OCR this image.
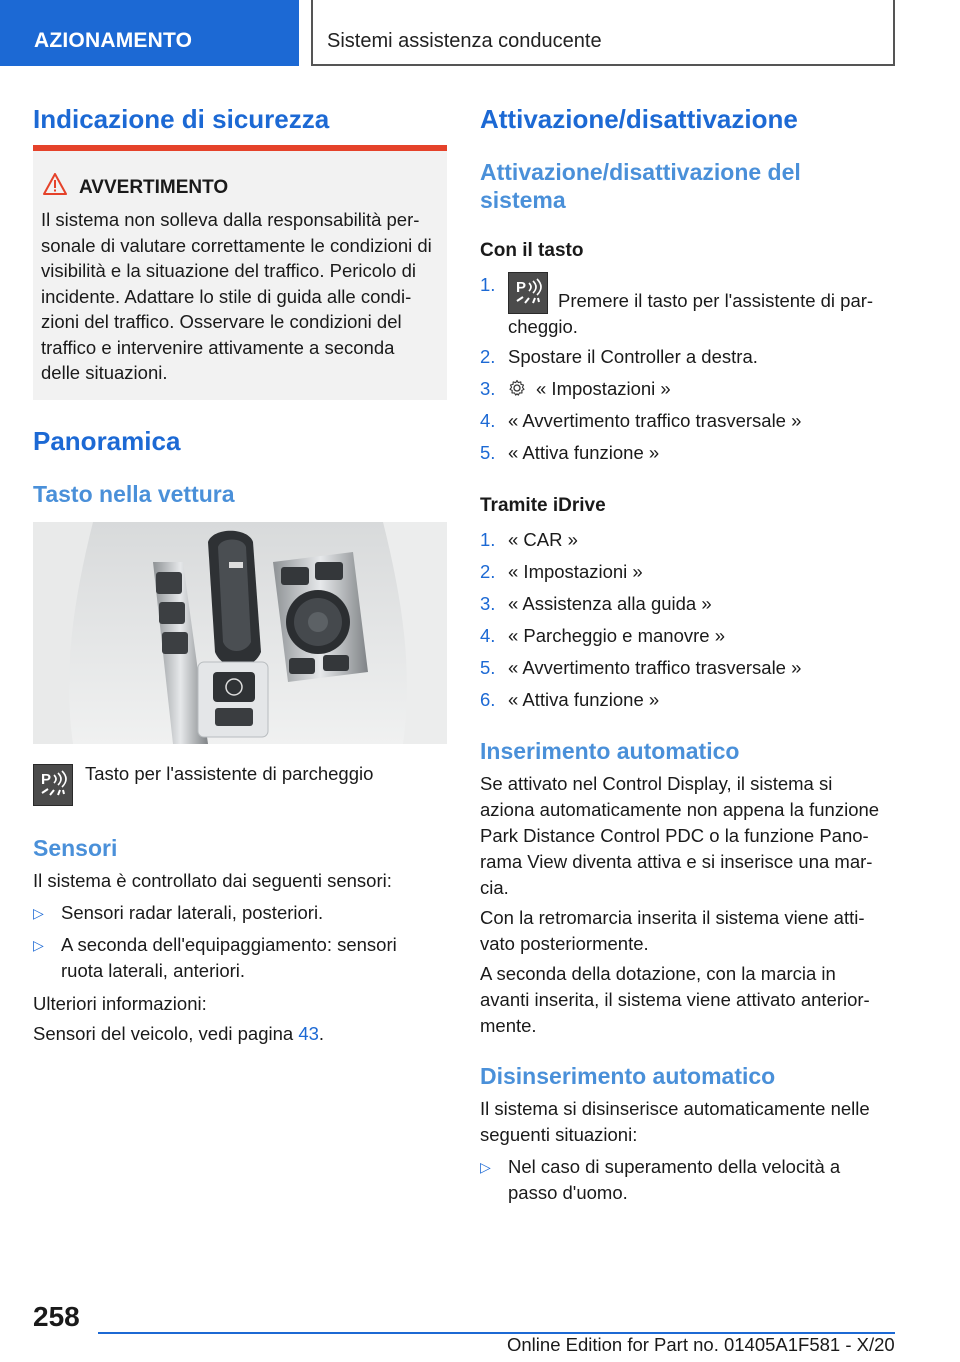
AZIONAMENTO	Sistemi assistenza conducente
Indicazione di sicurezza
AVVERTIMENTO
Il sistema non solleva dalla responsabilità per-
sonale di valutare correttamente le condizioni di
visibilità e la situazione del traffico. Pericolo di
incidente. Adattare lo stile di guida alle condi-
zioni del traffico. Osservare le condizioni del
traffico e intervenire attivamente a seconda
delle situazioni.
Panoramica
Tasto nella vettura
P Tasto per l'assistente di parcheggio
Sensori
Il sistema è controllato dai seguenti sensori:
▷ Sensori radar laterali, posteriori.
▷ A seconda dell'equipaggiamento: sensori
ruota laterali, anteriori.
Ulteriori informazioni:
Sensori del veicolo, vedi pagina 43.
Attivazione/disattivazione
Attivazione/disattivazione del
sistema
Con il tasto
1. P
Premere il tasto per l'assistente di par-
cheggio.
2. Spostare il Controller a destra.
3. « Impostazioni »
4. « Avvertimento traffico trasversale »
5. « Attiva funzione »
Tramite iDrive
1. « CAR »
2. « Impostazioni »
3. « Assistenza alla guida »
4. « Parcheggio e manovre »
5. « Avvertimento traffico trasversale »
6. « Attiva funzione »
Inserimento automatico
Se attivato nel Control Display, il sistema si
aziona automaticamente non appena la funzione
Park Distance Control PDC o la funzione Pano-
rama View diventa attiva e si inserisce una mar-
cia.
Con la retromarcia inserita il sistema viene atti-
vato posteriormente.
A seconda della dotazione, con la marcia in
avanti inserita, il sistema viene attivato anterior-
mente.
Disinserimento automatico
Il sistema si disinserisce automaticamente nelle
seguenti situazioni:
▷ Nel caso di superamento della velocità a
passo d'uomo.
258
Online Edition for Part no. 01405A1F581 - X/20
